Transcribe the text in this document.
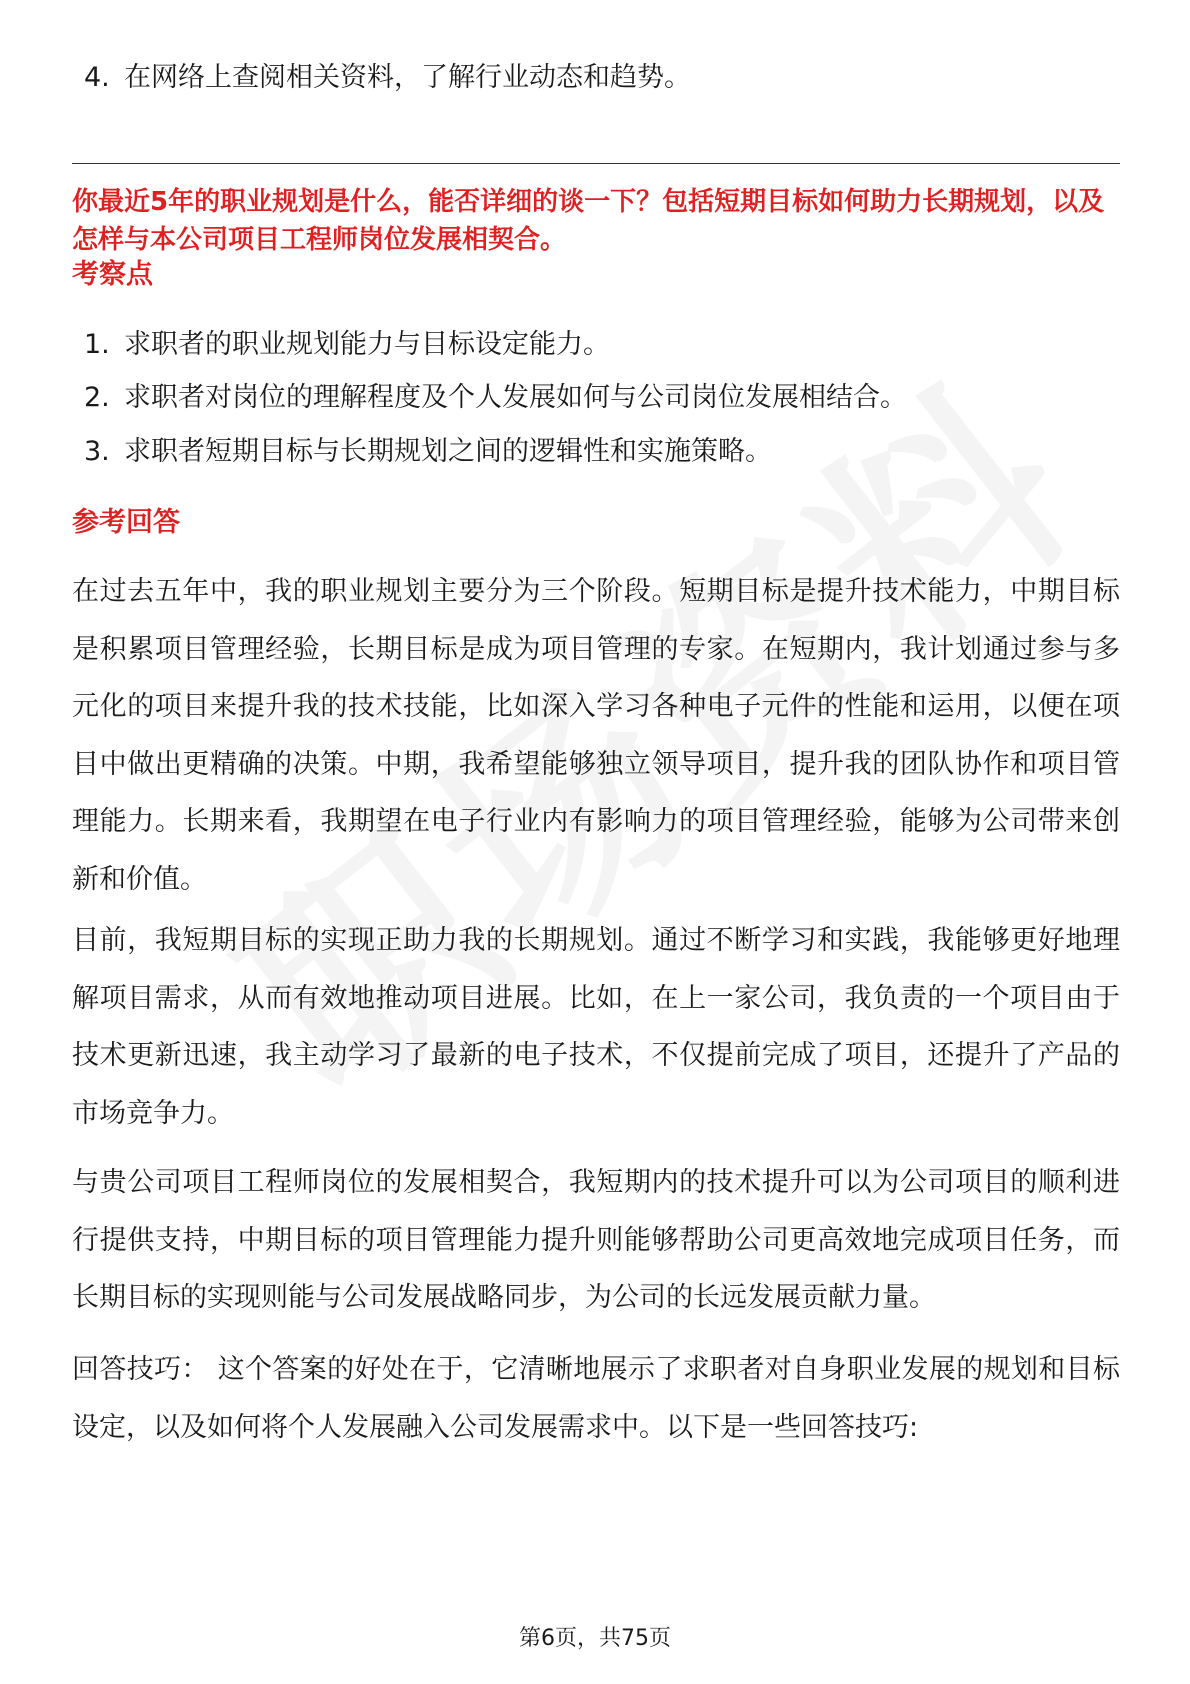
4. 在网络上查阅相关资料，了解行业动态和趋势。
你最近5年的职业规划是什么，能否详细的谈一下？包括短期目标如何助力长期规划，以及怎样与本公司项目工程师岗位发展相契合。
考察点
1. 求职者的职业规划能力与目标设定能力。
2. 求职者对岗位的理解程度及个人发展如何与公司岗位发展相结合。
3. 求职者短期目标与长期规划之间的逻辑性和实施策略。
参考回答
在过去五年中，我的职业规划主要分为三个阶段。短期目标是提升技术能力，中期目标是积累项目管理经验，长期目标是成为项目管理的专家。在短期内，我计划通过参与多元化的项目来提升我的技术技能，比如深入学习各种电子元件的性能和运用，以便在项目中做出更精确的决策。中期，我希望能够独立领导项目，提升我的团队协作和项目管理能力。长期来看，我期望在电子行业内有影响力的项目管理经验，能够为公司带来创新和价值。
目前，我短期目标的实现正助力我的长期规划。通过不断学习和实践，我能够更好地理解项目需求，从而有效地推动项目进展。比如，在上一家公司，我负责的一个项目由于技术更新迅速，我主动学习了最新的电子技术，不仅提前完成了项目，还提升了产品的市场竞争力。
与贵公司项目工程师岗位的发展相契合，我短期内的技术提升可以为公司项目的顺利进行提供支持，中期目标的项目管理能力提升则能够帮助公司更高效地完成项目任务，而长期目标的实现则能与公司发展战略同步，为公司的长远发展贡献力量。
回答技巧： 这个答案的好处在于，它清晰地展示了求职者对自身职业发展的规划和目标设定，以及如何将个人发展融入公司发展需求中。以下是一些回答技巧:
第6页，共75页
